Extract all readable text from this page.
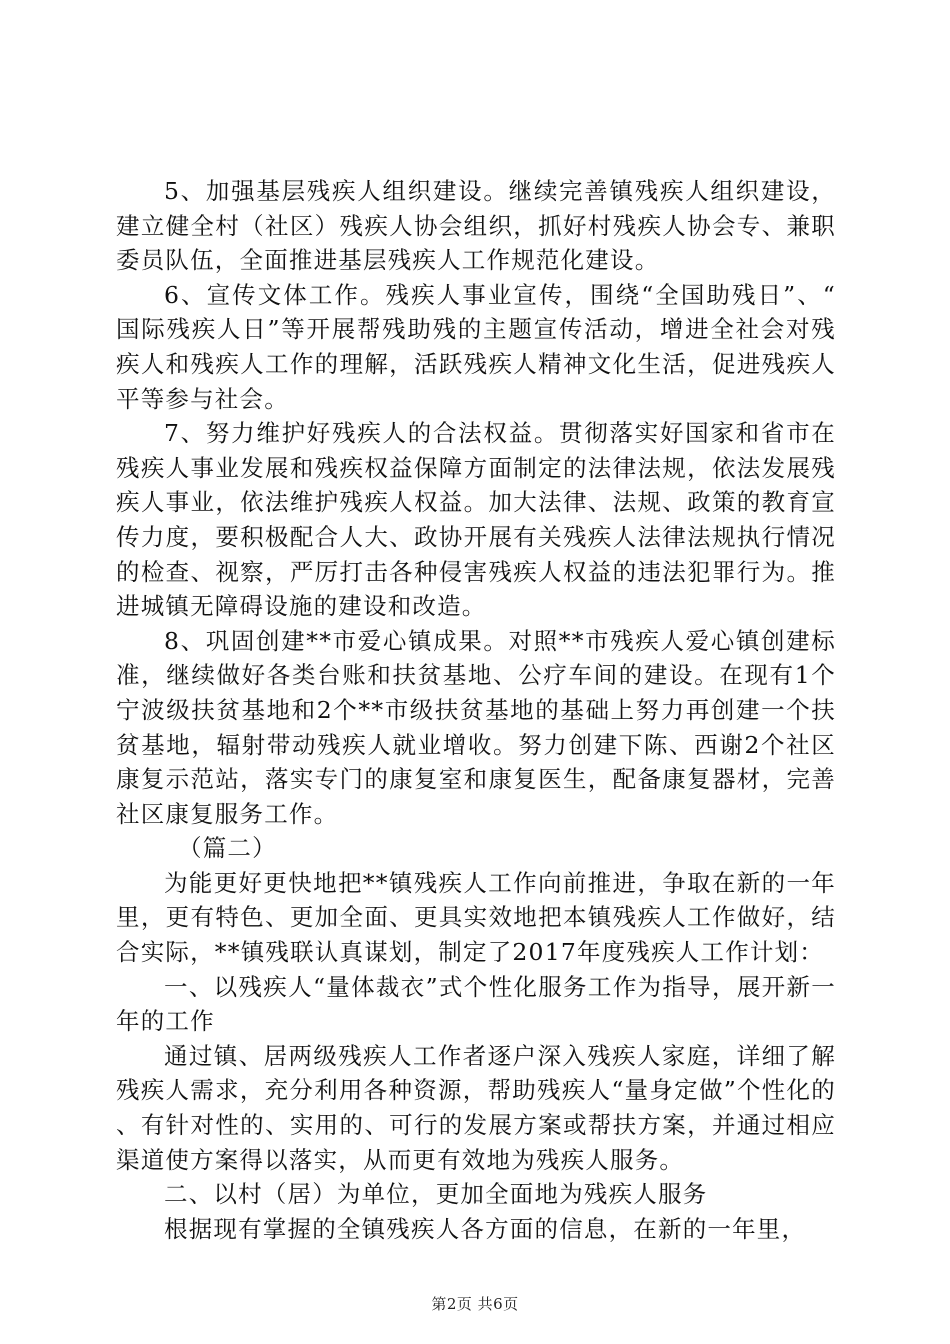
5、加强基层残疾人组织建设。继续完善镇残疾人组织建设，建立健全村（社区）残疾人协会组织，抓好村残疾人协会专、兼职委员队伍，全面推进基层残疾人工作规范化建设。

6、宣传文体工作。残疾人事业宣传，围绕“全国助残日”、“国际残疾人日”等开展帮残助残的主题宣传活动，增进全社会对残疾人和残疾人工作的理解，活跃残疾人精神文化生活，促进残疾人平等参与社会。

7、努力维护好残疾人的合法权益。贯彻落实好国家和省市在残疾人事业发展和残疾权益保障方面制定的法律法规，依法发展残疾人事业，依法维护残疾人权益。加大法律、法规、政策的教育宣传力度，要积极配合人大、政协开展有关残疾人法律法规执行情况的检查、视察，严厉打击各种侵害残疾人权益的违法犯罪行为。推进城镇无障碍设施的建设和改造。

8、巩固创建**市爱心镇成果。对照**市残疾人爱心镇创建标准，继续做好各类台账和扶贫基地、公疗车间的建设。在现有1个宁波级扶贫基地和2个**市级扶贫基地的基础上努力再创建一个扶贫基地，辐射带动残疾人就业增收。努力创建下陈、西谢2个社区康复示范站，落实专门的康复室和康复医生，配备康复器材，完善社区康复服务工作。

（篇二）

为能更好更快地把**镇残疾人工作向前推进，争取在新的一年里，更有特色、更加全面、更具实效地把本镇残疾人工作做好，结合实际，**镇残联认真谋划，制定了2017年度残疾人工作计划：

一、以残疾人“量体裁衣”式个性化服务工作为指导，展开新一年的工作

通过镇、居两级残疾人工作者逐户深入残疾人家庭，详细了解残疾人需求，充分利用各种资源，帮助残疾人“量身定做”个性化的、有针对性的、实用的、可行的发展方案或帮扶方案，并通过相应渠道使方案得以落实，从而更有效地为残疾人服务。

二、以村（居）为单位，更加全面地为残疾人服务

根据现有掌握的全镇残疾人各方面的信息，在新的一年里，

第2页 共6页
